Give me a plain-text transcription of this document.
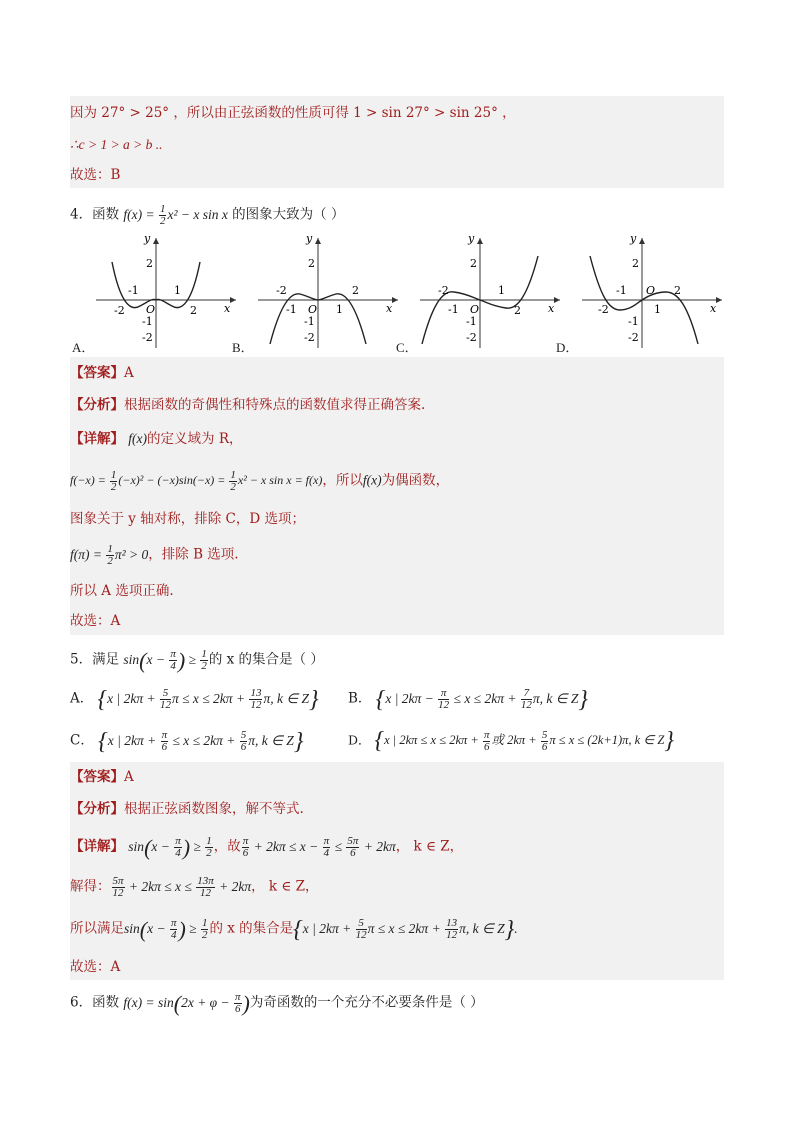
因为 27° > 25° ，所以由正弦函数的性质可得 1 > sin 27° > sin 25° ，
∴c > 1 > a > b ..
故选：B
4．函数 $f(x) = \frac{1}{2} x^2 - x$ sin x 的图象大致为（ ）
y
2
-1	1
-2	2 x
O
-1
-2
y
2
-1	1
-2	2
x
O
-1
-2
y
2
-1
1
-2
2 x
O
-1
-2
y
2
-1
1
-2
2
x
O
-1
-2
A．	B．	C．	D．
【答案】A
【分析】根据函数的奇偶性和特殊点的函数值求得正确答案.
【详解】 f(x)的定义域为 R，
$f(-x) = \frac{1}{2} (-x)^2 - (-x)\sin(-x) = \frac{1}{2} x^2 - x$ sin x = f(x)，所以f(x)为偶函数，
图象关于 y 轴对称，排除 C，D 选项；
$f(\pi) = \frac{1}{2} \pi^2 > 0$，排除 B 选项.
所以 A 选项正确.
故选：A
5．满足 $\sin(x - \frac{\pi}{4}$ ) ≥ $\frac{1}{2}$ 的 x 的集合是（ ）
A． {x | $2k\pi + \frac{5}{12}$ $\pi \le x \le 2k\pi + \frac{13}{12} \pi$, k ∈ Z} B． {x | $2k\pi - \frac{\pi}{12} \le x \le 2k\pi + \frac{7}{12} \pi$, k ∈ Z}
C． {x | $2k\pi + \frac{\pi}{6} \le x \le 2k\pi + \frac{5}{6} \pi$, k ∈ Z}	D． {x | $2k\pi \le x \le 2k\pi + \frac{\pi}{6}$ 或 $2k\pi + \frac{5}{6}$ π ≤ x ≤ (2k+1)π, k ∈ Z}
【答案】A
【分析】根据正弦函数图象，解不等式.
【详解】 $\sin(x - \frac{\pi}{4}$ ) ≥ $\frac{1}{2}$ ，故 $\frac{\pi}{6} + 2k\pi \le x - \frac{\pi}{4} \le \frac{5\pi}{6} + 2k\pi$， k ∈ Z，
解得： $\frac{5\pi}{12} + 2k\pi \le x \le \frac{13\pi}{12} + 2k\pi$， k ∈ Z，
所以满足$\sin(x - \frac{\pi}{4}$ ) ≥ $\frac{1}{2}$ 的 x 的集合是{x | $2k\pi + \frac{5}{12}$ $\pi \le x \le 2k\pi + \frac{13}{12} \pi$, k ∈ Z}.
故选：A
6．函数 $f(x) = \sin(2x + \varphi - \frac{\pi}{6}$ )为奇函数的一个充分不必要条件是（ ）
